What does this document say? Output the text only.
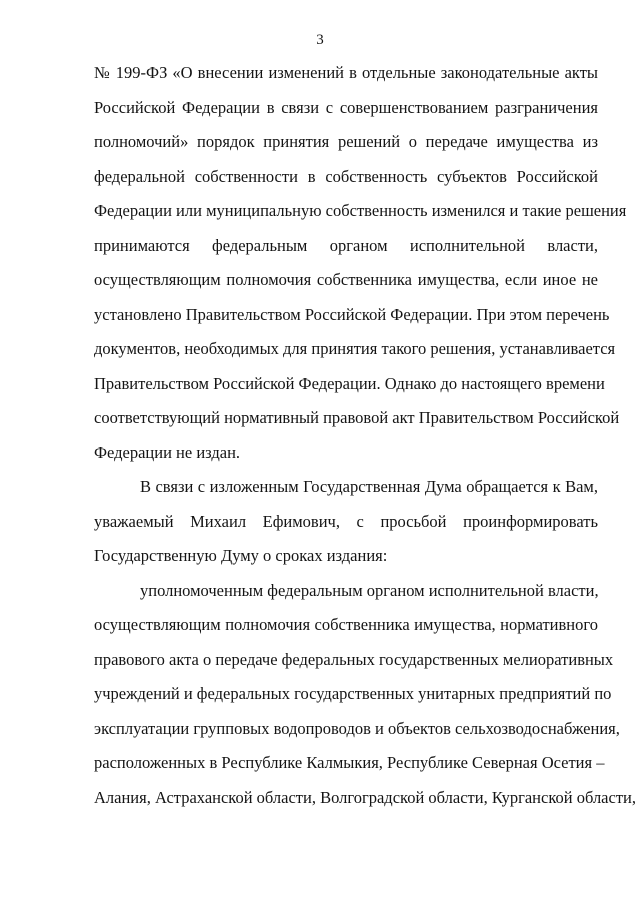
3
№ 199-ФЗ «О внесении изменений в отдельные законодательные акты
Российской Федерации в связи с совершенствованием разграничения
полномочий» порядок принятия решений о передаче имущества из
федеральной собственности в собственность субъектов Российской
Федерации или муниципальную собственность изменился и такие решения
принимаются федеральным органом исполнительной власти,
осуществляющим полномочия собственника имущества, если иное не
установлено Правительством Российской Федерации. При этом перечень
документов, необходимых для принятия такого решения, устанавливается
Правительством Российской Федерации. Однако до настоящего времени
соответствующий нормативный правовой акт Правительством Российской
Федерации не издан.
В связи с изложенным Государственная Дума обращается к Вам,
уважаемый Михаил Ефимович, с просьбой проинформировать
Государственную Думу о сроках издания:
уполномоченным федеральным органом исполнительной власти,
осуществляющим полномочия собственника имущества, нормативного
правового акта о передаче федеральных государственных мелиоративных
учреждений и федеральных государственных унитарных предприятий по
эксплуатации групповых водопроводов и объектов сельхозводоснабжения,
расположенных в Республике Калмыкия, Республике Северная Осетия –
Алания, Астраханской области, Волгоградской области, Курганской области,
